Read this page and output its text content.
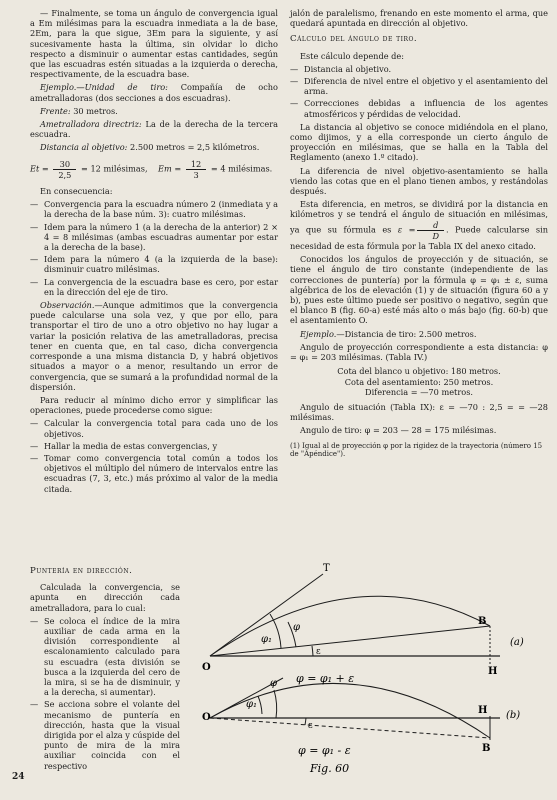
— Finalmente, se toma un ángulo de convergencia igual a Em milésimas para la escuadra inmediata a la de base, 2Em, para la que sigue, 3Em para la siguiente, y así sucesivamente hasta la última, sin olvidar lo dicho respecto a disminuir o aumentar estas cantidades, según que las escuadras estén situadas a la izquierda o derecha, respectivamente, de la escuadra base.

Ejemplo.—Unidad de tiro: Compañía de ocho ametralladoras (dos secciones a dos escuadras).

Frente: 30 metros.

Ametralladora directriz: La de la derecha de la tercera escuadra.

Distancia al objetivo: 2.500 metros = 2,5 kilómetros.

$Et = \frac{30}{2,5} = 12$ milésimas, $Em = \frac{12}{3} = 4$ milésimas.

En consecuencia:

— Convergencia para la escuadra número 2 (inmediata y a la derecha de la base núm. 3): cuatro milésimas.
— Idem para la número 1 (a la derecha de la anterior) 2 × 4 = 8 milésimas (ambas escuadras aumentar por estar a la derecha de la base).
— Idem para la número 4 (a la izquierda de la base): disminuir cuatro milésimas.
— La convergencia de la escuadra base es cero, por estar en la dirección del eje de tiro.

Observación.—Aunque admitimos que la convergencia puede calcularse una sola vez, y que por ello, para transportar el tiro de uno a otro objetivo no hay lugar a variar la posición relativa de las ametralladoras, precisa tener en cuenta que, en tal caso, dicha convergencia corresponde a una misma distancia D, y habrá objetivos situados a mayor o a menor, resultando un error de convergencia, que se sumará a la profundidad normal de la dispersión.

Para reducir al mínimo dicho error y simplificar las operaciones, puede procederse como sigue:

— Calcular la convergencia total para cada uno de los objetivos.
— Hallar la media de estas convergencias, y
— Tomar como convergencia total común a todos los objetivos el múltiplo del número de intervalos entre las escuadras (7, 3, etc.) más próximo al valor de la media citada.
Puntería en dirección.

Calculada la convergencia, se apunta en dirección cada ametralladora, para lo cual:

— Se coloca el índice de la mira auxiliar de cada arma en la división correspondiente al escalonamiento calculado para su escuadra (esta división se busca a la izquierda del cero de la mira, si se ha de disminuir, y a la derecha, si aumentar).
— Se acciona sobre el volante del mecanismo de puntería en dirección, hasta que la visual dirigida por el alza y cúspide del punto de mira de la mira auxiliar coincida con el respectivo

jalón de paralelismo, frenando en este momento el arma, que quedará apuntada en dirección al objetivo.

Cálculo del ángulo de tiro.

Este cálculo depende de:

— Distancia al objetivo.
— Diferencia de nivel entre el objetivo y el asentamiento del arma.
— Correcciones debidas a influencia de los agentes atmosféricos y pérdidas de velocidad.

La distancia al objetivo se conoce midiéndola en el plano, como dijimos, y a ella corresponde un cierto ángulo de proyección en milésimas, que se halla en la Tabla del Reglamento (anexo 1.º citado).

La diferencia de nivel objetivo-asentamiento se halla viendo las cotas que en el plano tienen ambos, y restándolas después.

Esta diferencia, en metros, se dividirá por la distancia en kilómetros y se tendrá el ángulo de situación en milésimas, ya que su fórmula es $\varepsilon = \frac{d}{D}$ . Puede calcularse sin necesidad de esta fórmula por la Tabla IX del anexo citado.

Conocidos los ángulos de proyección y de situación, se tiene el ángulo de tiro constante (independiente de las correcciones de puntería) por la fórmula φ = φ₁ ± ε, suma algébrica de los de elevación (1) y de situación (figura 60 a y b), pues este último puede ser positivo o negativo, según que el blanco B (fig. 60-a) esté más alto o más bajo (fig. 60-b) que el asentamiento O.

Ejemplo.—Distancia de tiro: 2.500 metros.

Angulo de proyección correspondiente a esta distancia: φ = φ₁ = 203 milésimas. (Tabla IV.)

Cota del blanco u objetivo: 180 metros.
Cota del asentamiento: 250 metros.
Diferencia = —70 metros.

Angulo de situación (Tabla IX): ε = —70 : 2,5 = = —28 milésimas.

Angulo de tiro: φ = 203 — 28 = 175 milésimas.

(1) Igual al de proyección φ por la rigidez de la trayectoria (número 15 de "Apéndice").
T
φ
φ₁
ε
O
B
H
(a)
φ = φ₁ + ε
φ
φ₁
ε
O
B
H (b)
φ = φ₁ - ε
Fig. 60
24
